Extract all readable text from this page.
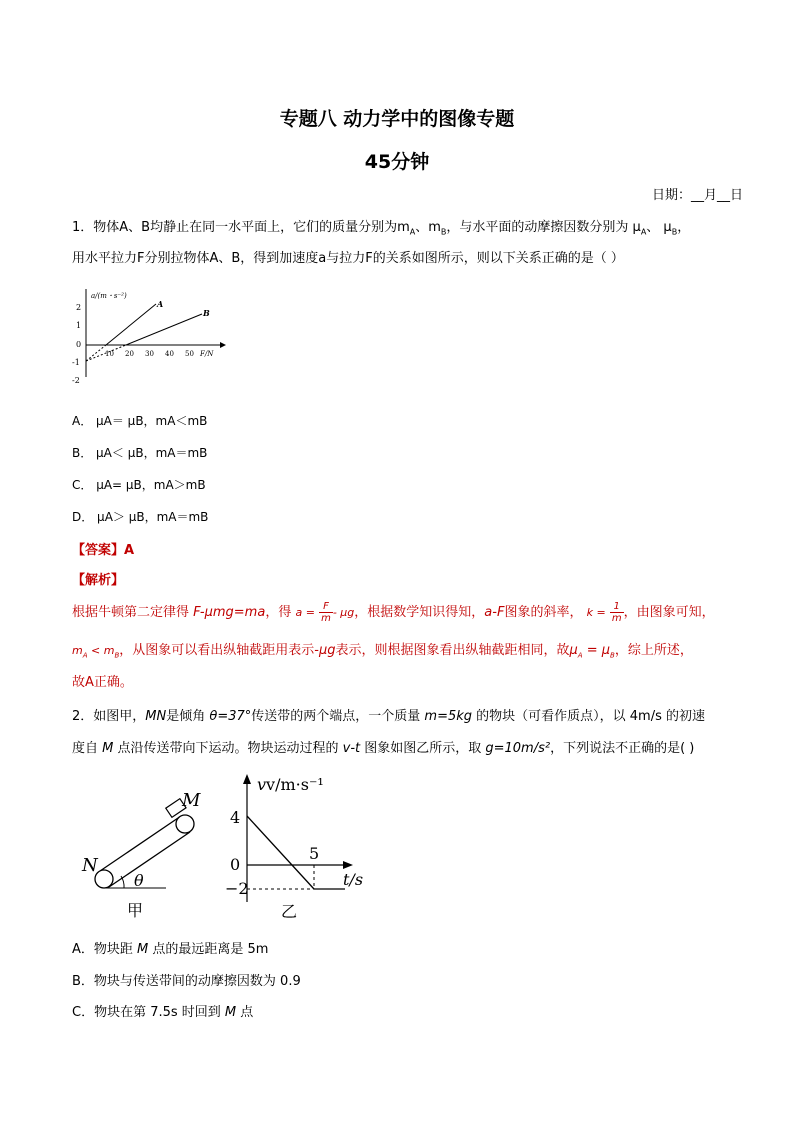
专题八 动力学中的图像专题
45分钟
日期：__月__日
1．物体A、B均静止在同一水平面上，它们的质量分别为$m_A$、$m_B$，与水平面的动摩擦因数分别为 $\mu_A$、 $\mu_B$，
用水平拉力F分别拉物体A、B，得到加速度a与拉力F的关系如图所示，则以下关系正确的是（ ）
a/(m・s⁻²)
F/N
2
1
0
-1
-2
10 20 30 40 50
A
B
A． μA＝ μB，mA＜mB
B． μA＜ μB，mA＝mB
C． μA= μB，mA＞mB
D． μA＞ μB，mA＝mB
【答案】A
【解析】
根据牛顿第二定律得 F-μmg=ma，得 $a = \frac{F}{m} - \mu g$，根据数学知识得知，a-F图象的斜率， $k = \frac{1}{m}$ ，由图象可知，
$m_A < m_B$，从图象可以看出纵轴截距用表示-μg表示，则根据图象看出纵轴截距相同，故$\mu_A = \mu_B$，综上所述，
故A正确。
2．如图甲，MN是倾角 θ=37°传送带的两个端点，一个质量 m=5kg 的物块（可看作质点），以 4m/s 的初速
度自 M 点沿传送带向下运动。物块运动过程的 v-t 图象如图乙所示，取 g=10m/s²，下列说法不正确的是( )
M
N
θ
甲
vv/m·s⁻¹
t/s
4
0
−2
5
乙
A．物块距 M 点的最远距离是 5m
B．物块与传送带间的动摩擦因数为 0.9
C．物块在第 7.5s 时回到 M 点
